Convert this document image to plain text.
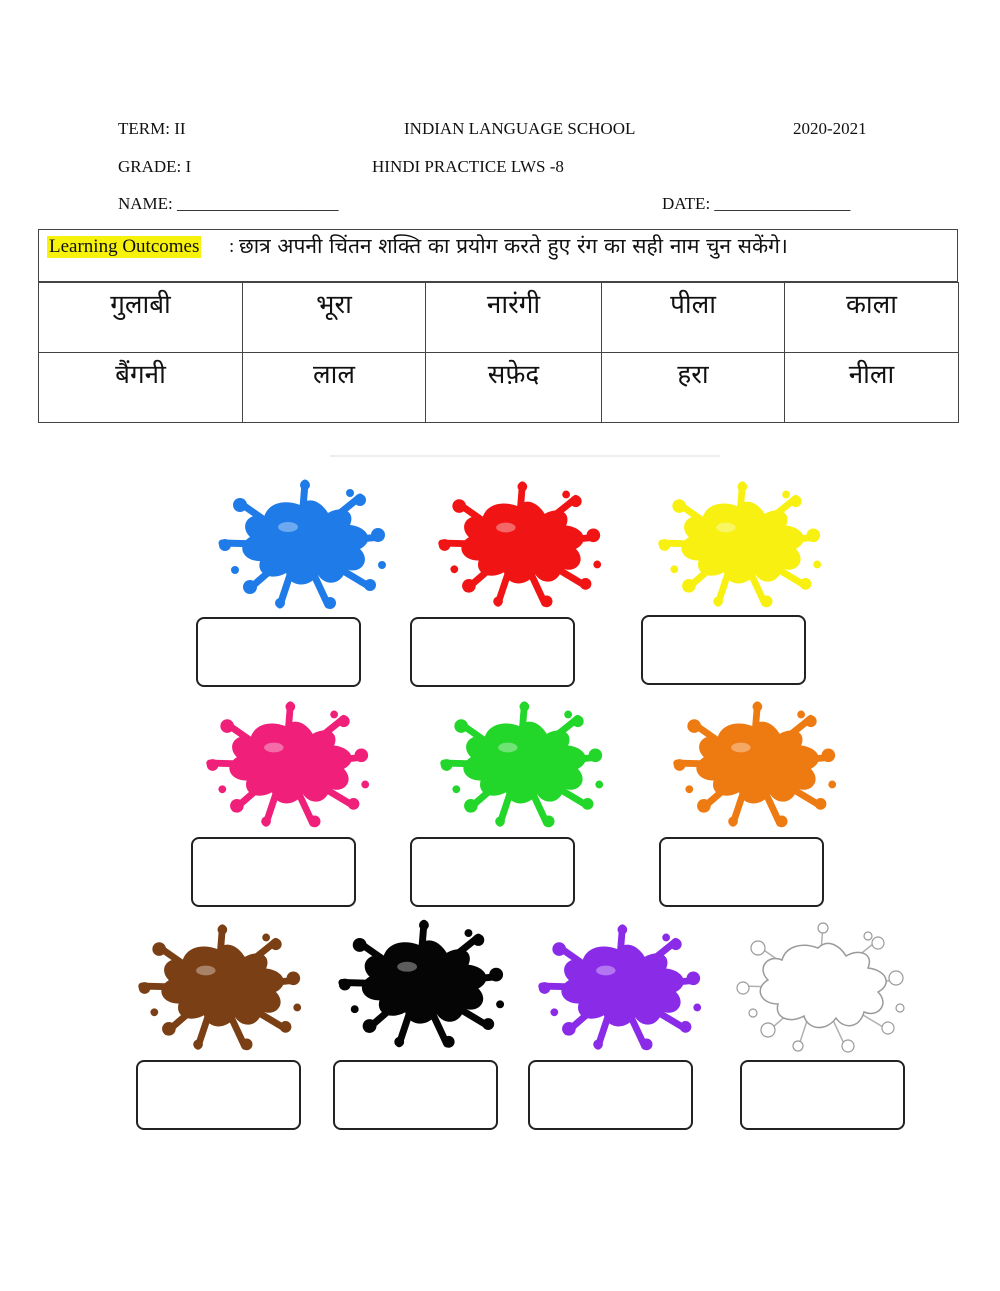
TERM: II	INDIAN LANGUAGE SCHOOL	2020-2021
GRADE: I	HINDI PRACTICE LWS -8
NAME: ___________________	DATE: ________________
Learning Outcomes : छात्र अपनी चिंतन शक्ति का प्रयोग करते हुए रंग का सही नाम चुन सकेंगे।
गुलाबी	भूरा	नारंगी	पीला	काला
बैंगनी	लाल	सफ़ेद	हरा	नीला
